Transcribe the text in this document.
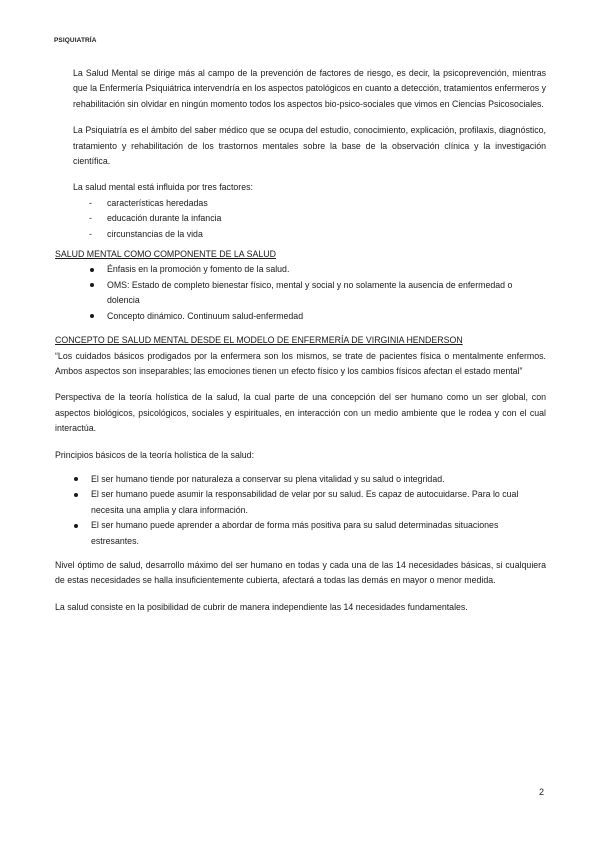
PSIQUIATRÍA

La Salud Mental se dirige más al campo de la prevención de factores de riesgo, es decir, la psicoprevención, mientras que la Enfermería Psiquiátrica intervendría en los aspectos patológicos en cuanto a detección, tratamientos enfermeros y rehabilitación sin olvidar en ningún momento todos los aspectos bio-psico-sociales que vimos en Ciencias Psicosociales.

La Psiquiatría es el ámbito del saber médico que se ocupa del estudio, conocimiento, explicación, profilaxis, diagnóstico, tratamiento y rehabilitación de los trastornos mentales sobre la base de la observación clínica y la investigación científica.

La salud mental está influida por tres factores:

- características heredadas
- educación durante la infancia
- circunstancias de la vida

SALUD MENTAL COMO COMPONENTE DE LA SALUD

Énfasis en la promoción y fomento de la salud.
OMS: Estado de completo bienestar físico, mental y social y no solamente la ausencia de enfermedad o dolencia
Concepto dinámico. Continuum salud-enfermedad

CONCEPTO DE SALUD MENTAL DESDE EL MODELO DE ENFERMERÍA DE VIRGINIA HENDERSON

“Los cuidados básicos prodigados por la enfermera son los mismos, se trate de pacientes física o mentalmente enfermos. Ambos aspectos son inseparables; las emociones tienen un efecto físico y los cambios físicos afectan el estado mental”

Perspectiva de la teoría holística de la salud, la cual parte de una concepción del ser humano como un ser global, con aspectos biológicos, psicológicos, sociales y espirituales, en interacción con un medio ambiente que le rodea y con el cual interactúa.

Principios básicos de la teoría holística de la salud:

El ser humano tiende por naturaleza a conservar su plena vitalidad y su salud o integridad.
El ser humano puede asumir la responsabilidad de velar por su salud. Es capaz de autocuidarse. Para lo cual necesita una amplia y clara información.
El ser humano puede aprender a abordar de forma más positiva para su salud determinadas situaciones estresantes.

Nivel óptimo de salud, desarrollo máximo del ser humano en todas y cada una de las 14 necesidades básicas, si cualquiera de estas necesidades se halla insuficientemente cubierta, afectará a todas las demás en mayor o menor medida.

La salud consiste en la posibilidad de cubrir de manera independiente las 14 necesidades fundamentales.

2
